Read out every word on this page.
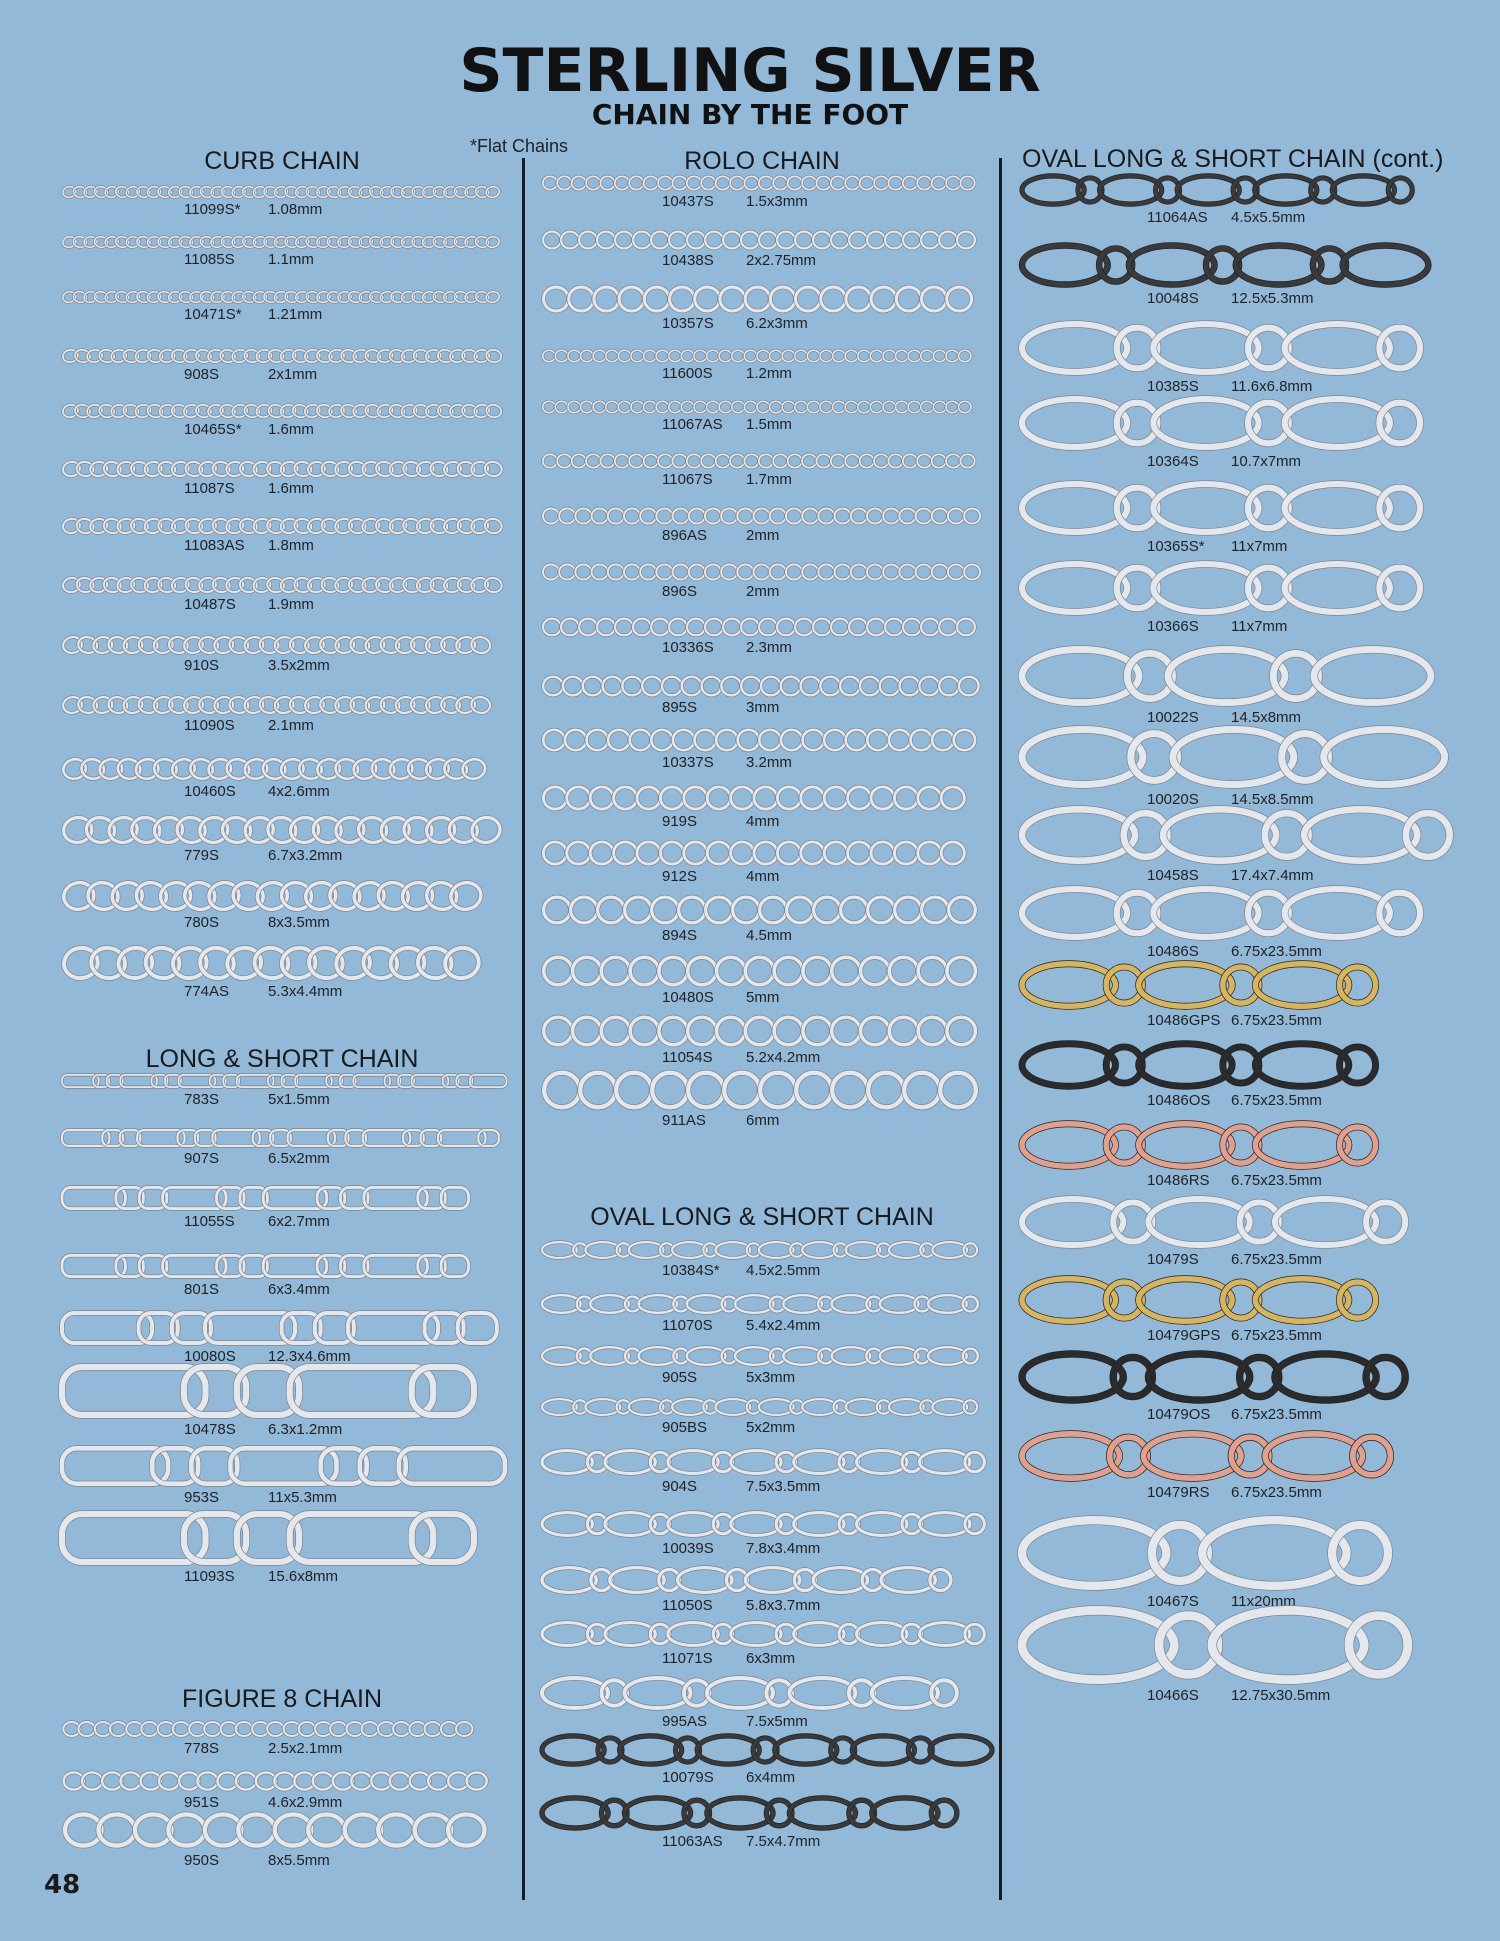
STERLING SILVER
CHAIN BY THE FOOT
*Flat Chains
CURB CHAIN
11099S* 1.08mm
11085S 1.1mm
10471S* 1.21mm
908S	2x1mm
10465S* 1.6mm
11087S 1.6mm
11083AS 1.8mm
10487S 1.9mm
910S	3.5x2mm
11090S 2.1mm
10460S 4x2.6mm
779S	6.7x3.2mm
780S	8x3.5mm
774AS	5.3x4.4mm
LONG & SHORT CHAIN
783S	5x1.5mm
907S	6.5x2mm
11055S 6x2.7mm
801S	6x3.4mm
10080S 12.3x4.6mm
10478S 6.3x1.2mm
953S	11x5.3mm
11093S 15.6x8mm
FIGURE 8 CHAIN
778S	2.5x2.1mm
951S	4.6x2.9mm
950S	8x5.5mm
ROLO CHAIN
10437S 1.5x3mm
10438S 2x2.75mm
10357S 6.2x3mm
11600S 1.2mm
11067AS 1.5mm
11067S 1.7mm
896AS	2mm
896S	2mm
10336S 2.3mm
895S	3mm
10337S 3.2mm
919S	4mm
912S	4mm
894S	4.5mm
10480S 5mm
11054S 5.2x4.2mm
911AS	6mm
OVAL LONG & SHORT CHAIN
10384S* 4.5x2.5mm
11070S 5.4x2.4mm
905S	5x3mm
905BS	5x2mm
904S	7.5x3.5mm
10039S 7.8x3.4mm
11050S 5.8x3.7mm
11071S 6x3mm
995AS	7.5x5mm
10079S 6x4mm
11063AS 7.5x4.7mm
OVAL LONG & SHORT CHAIN (cont.)
11064AS 4.5x5.5mm
10048S 12.5x5.3mm
10385S 11.6x6.8mm
10364S 10.7x7mm
10365S* 11x7mm
10366S 11x7mm
10022S 14.5x8mm
10020S 14.5x8.5mm
10458S 17.4x7.4mm
10486S 6.75x23.5mm
10486GPS 6.75x23.5mm
10486OS 6.75x23.5mm
10486RS 6.75x23.5mm
10479S 6.75x23.5mm
10479GPS 6.75x23.5mm
10479OS 6.75x23.5mm
10479RS 6.75x23.5mm
10467S 11x20mm
10466S 12.75x30.5mm
48
